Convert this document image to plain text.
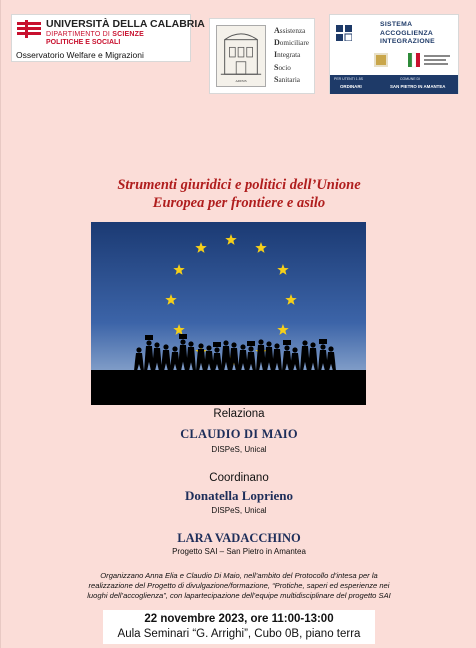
UNIVERSITÀ DELLA CALABRIA
DIPARTIMENTO DI SCIENZE
POLITICHE E SOCIALI
Osservatorio Welfare e Migrazioni
ADISIS
Assistenza
Domiciliare
Integrata
Socio
Sanitaria
SISTEMA
ACCOGLIENZA
INTEGRAZIONE
PER UTENTI 1.5S	COMUNE DI
ORDINARI	SAN PIETRO IN AMANTEA
Strumenti giuridici e politici dell’Unione
Europea per frontiere e asilo
Relaziona
CLAUDIO DI MAIO
DISPeS, Unical
Coordinano
Donatella Loprieno
DISPeS, Unical
LARA VADACCHINO
Progetto SAI – San Pietro in Amantea
Organizzano Anna Elia e Claudio Di Maio, nell’ambito del Protocollo d’intesa per la
realizzazione del Progetto di divulgazione/formazione, “Protiche, saperi ed esperienze nei
luoghi dell’accoglienza”, con lapartecipazione dell’equipe multidisciplinare del progetto SAI
22 novembre 2023, ore 11:00-13:00
Aula Seminari “G. Arrighi”, Cubo 0B, piano terra
